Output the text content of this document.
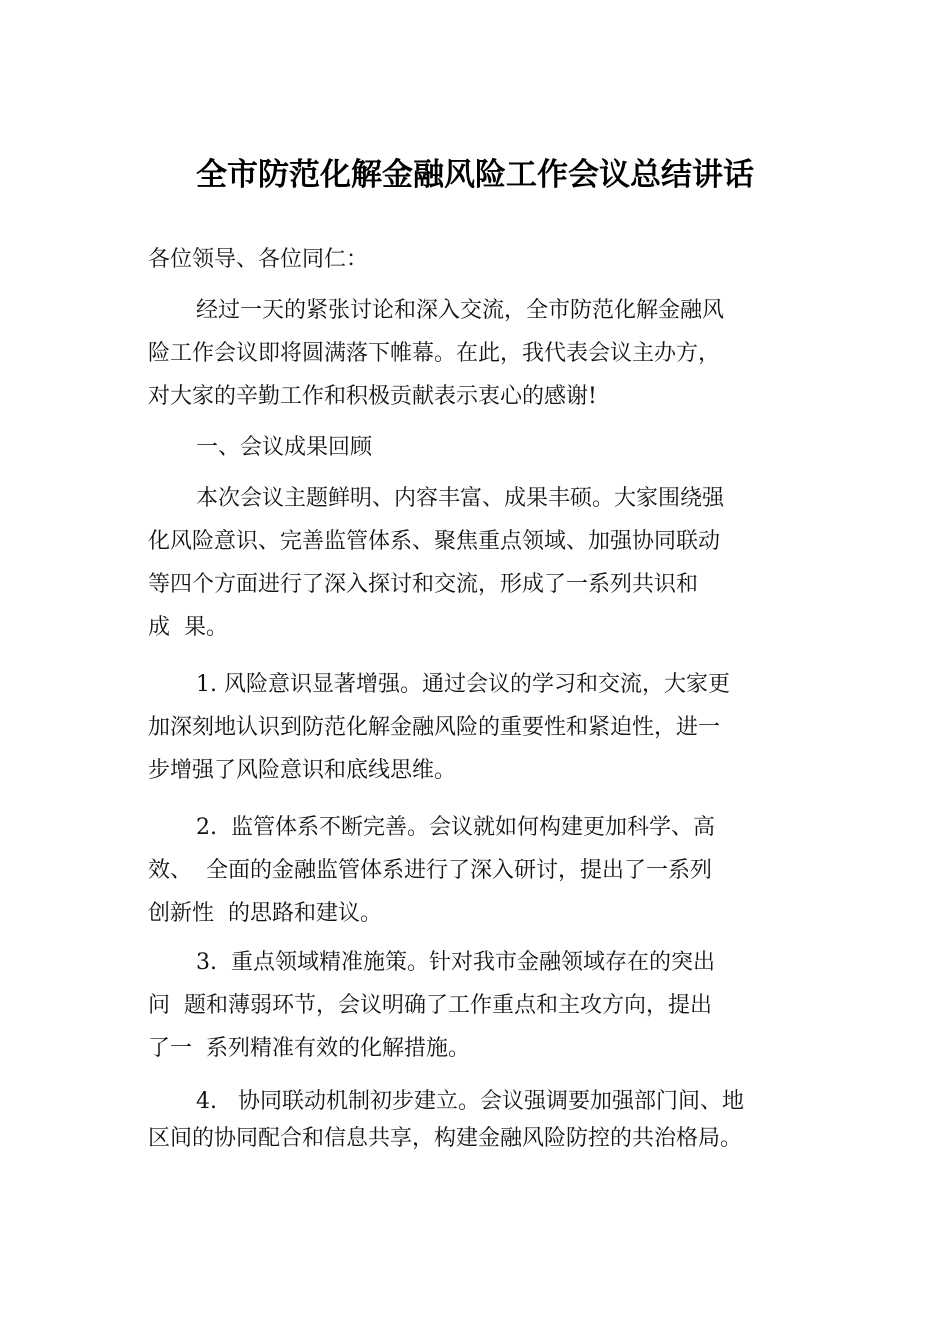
全市防范化解金融风险工作会议总结讲话

各位领导、各位同仁：

经过一天的紧张讨论和深入交流，全市防范化解金融风

险工作会议即将圆满落下帷幕。在此，我代表会议主办方，

对大家的辛勤工作和积极贡献表示衷心的感谢!

一、会议成果回顾

本次会议主题鲜明、内容丰富、成果丰硕。大家围绕强

化风险意识、完善监管体系、聚焦重点领域、加强协同联动

等四个方面进行了深入探讨和交流，形成了一系列共识和

成  果。

1. 风险意识显著增强。通过会议的学习和交流，大家更

加深刻地认识到防范化解金融风险的重要性和紧迫性，进一

步增强了风险意识和底线思维。

2.  监管体系不断完善。会议就如何构建更加科学、高

效、  全面的金融监管体系进行了深入研讨，提出了一系列

创新性  的思路和建议。

3.  重点领域精准施策。针对我市金融领域存在的突出

问  题和薄弱环节，会议明确了工作重点和主攻方向，提出

了一  系列精准有效的化解措施。

4.   协同联动机制初步建立。会议强调要加强部门间、地

区间的协同配合和信息共享，构建金融风险防控的共治格局。
